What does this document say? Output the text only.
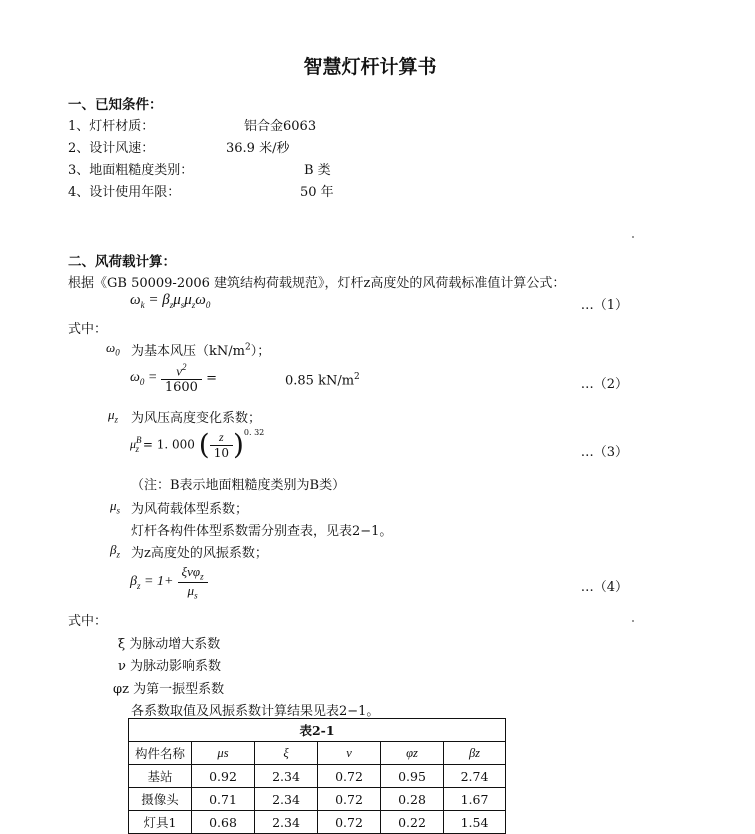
智慧灯杆计算书
一、已知条件：
1、灯杆材质：	铝合金6063
2、设计风速：	36.9 米/秒
3、地面粗糙度类别：	B 类
4、设计使用年限：	50 年
二、风荷载计算：
根据《GB 50009-2006 建筑结构荷载规范》，灯杆z高度处的风荷载标准值计算公式：
$\omega_k = \beta_z\mu_s\mu_z\omega_0$	…（1）
式中：
$\omega_0$ 为基本风压$(kN/m^2)$；
$\omega_0 = \frac{v^2}{1600}$ =	0.85 $kN/m^2$	…（2）
$\mu_z$ 为风压高度变化系数；
$\mu^B_z = 1$. 000 ( $\frac{z}{10} )^{0. 32}$
…（3）
（注：B表示地面粗糙度类别为B类）
$\mu_s$ 为风荷载体型系数；
灯杆各构件体型系数需分别查表，见表2−1。
$\beta_z$ 为z高度处的风振系数；
$\beta_z = 1+ \frac{\xi\nu\varphi_z}{\mu_s}$	…（4）
式中：
ξ 为脉动增大系数
ν 为脉动影响系数
φz 为第一振型系数
各系数取值及风振系数计算结果见表2−1。
表2-1					
构件名称	μs	ξ	ν	φz	βz
基站	0.92	2.34	0.72	0.95	2.74
摄像头	0.71	2.34	0.72	0.28	1.67
灯具1	0.68	2.34	0.72	0.22	1.54
